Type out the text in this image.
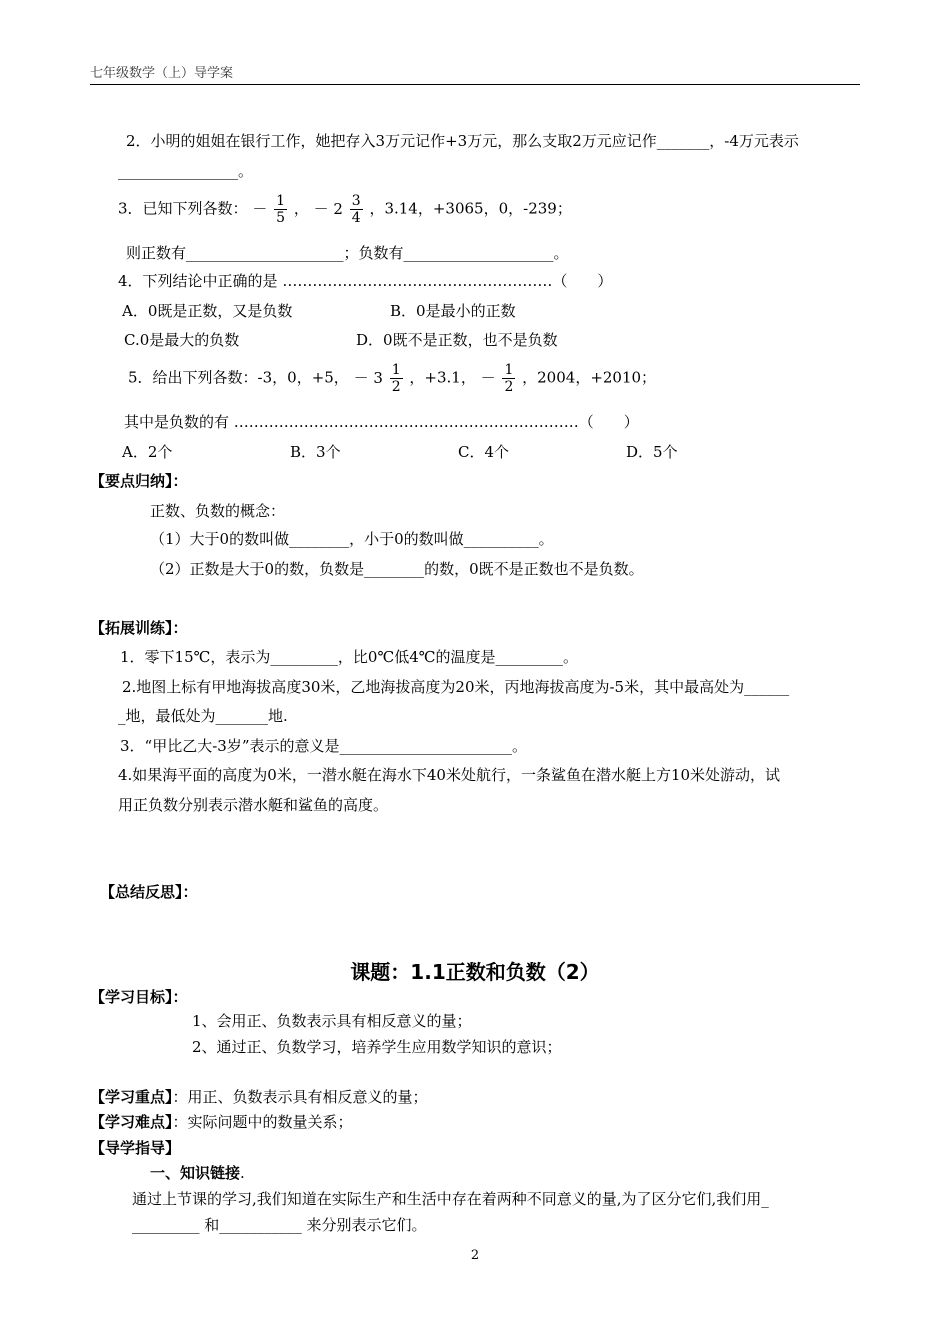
七年级数学（上）导学案
2．小明的姐姐在银行工作，她把存入3万元记作+3万元，那么支取2万元应记作_______，-4万元表示
________________。
3．已知下列各数： － $\frac{1}{5}$ ， － $2 \frac{3}{4}$ ，3.14，+3065，0，-239；
则正数有_____________________；负数有____________________。
4．下列结论中正确的是 ………………………………………………（　　）
A．0既是正数，又是负数	B．0是最小的正数
C.0是最大的负数	D．0既不是正数，也不是负数
5．给出下列各数：-3，0，+5， － $3 \frac{1}{2}$ ，+3.1， － $\frac{1}{2}$ ，2004，+2010；
其中是负数的有 ……………………………………………………………（　　）
A．2个	B．3个	C．4个	D．5个
【要点归纳】：
正数、负数的概念：
（1）大于0的数叫做________，小于0的数叫做__________。
（2）正数是大于0的数，负数是________的数，0既不是正数也不是负数。
【拓展训练】：
1．零下15℃，表示为_________，比0℃低4℃的温度是_________。
2.地图上标有甲地海拔高度30米，乙地海拔高度为20米，丙地海拔高度为-5米，其中最高处为______
_地，最低处为_______地.
3．“甲比乙大-3岁”表示的意义是_______________________。
4.如果海平面的高度为0米，一潜水艇在海水下40米处航行，一条鲨鱼在潜水艇上方10米处游动，试
用正负数分别表示潜水艇和鲨鱼的高度。
【总结反思】：
课题：1.1正数和负数（2）
【学习目标】：
1、会用正、负数表示具有相反意义的量；
2、通过正、负数学习，培养学生应用数学知识的意识；
【学习重点】：用正、负数表示具有相反意义的量；
【学习难点】：实际问题中的数量关系；
【导学指导】
一、知识链接.
通过上节课的学习,我们知道在实际生产和生活中存在着两种不同意义的量,为了区分它们,我们用_
_________ 和___________ 来分别表示它们。
2
